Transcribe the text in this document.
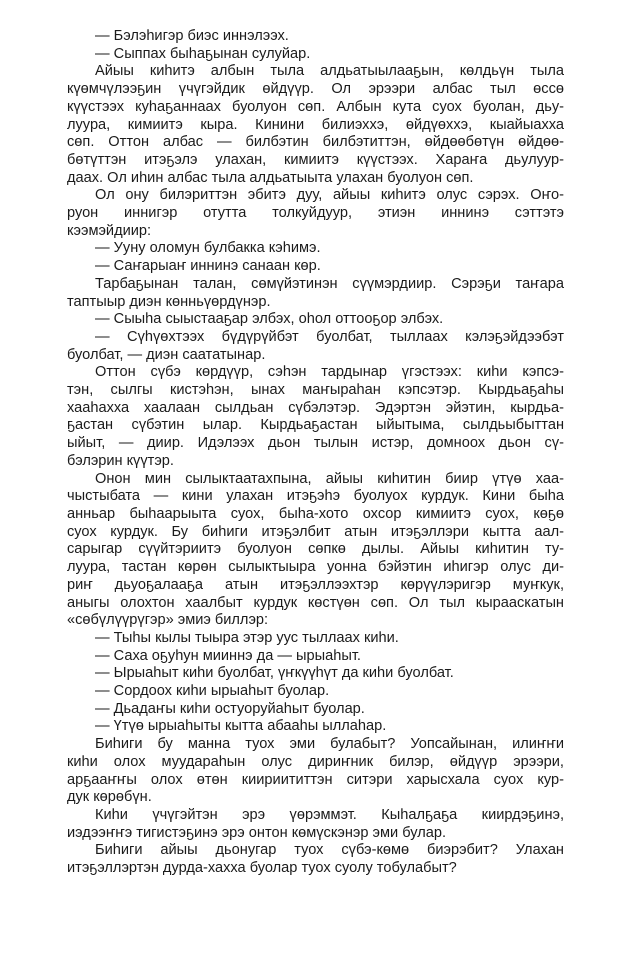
— Бэлэһигэр биэс иннэлээх.
— Сыппах быһаҕынан сулуйар.
Айыы киһитэ албын тыла алдьатыылааҕын, көлдьүн тыла
күөмчүлээҕин үчүгэйдик өйдүүр. Ол эрээри албас тыл өссө
күүстээх куһаҕаннаах буолуон сөп. Албын кута суох буолан, дьу-
луура, кимиитэ кыра. Кинини билиэххэ, өйдүөххэ, кыайыахха
сөп. Оттон албас — билбэтин билбэтиттэн, өйдөөбөтүн өйдөө-
бөтүттэн итэҕэлэ улахан, кимиитэ күүстээх. Хараҥа дьулуур-
даах. Ол иһин албас тыла алдьатыыта улахан буолуон сөп.
Ол ону билэриттэн эбитэ дуу, айыы киһитэ олус сэрэх. Оҥо-
руон иннигэр отутта толкуйдуур, этиэн иннинэ сэттэтэ
кээмэйдиир:
— Ууну оломун булбакка кэһимэ.
— Саҥарыаҥ иннинэ санаан көр.
Тарбаҕынан талан, сөмүйэтинэн сүүмэрдиир. Сэрэҕи таҥара
таптыыр диэн көнньүөрдүнэр.
— Сыыһа сыыстааҕар элбэх, оһол оттооҕор элбэх.
— Сүһүөхтээх бүдүрүйбэт буолбат, тыллаах кэлэҕэйдээбэт
буолбат, — диэн саататынар.
Оттон сүбэ көрдүүр, сэһэн тардынар үгэстээх: киһи кэпсэ-
тэн, сылгы кистэһэн, ынах маҥыраһан кэпсэтэр. Кырдьаҕаһы
хааһахха хаалаан сылдьан сүбэлэтэр. Эдэртэн эйэтин, кырдьа-
ҕастан сүбэтин ылар. Кырдьаҕастан ыйытыма, сылдьыбыттан
ыйыт, — диир. Идэлээх дьон тылын истэр, домноох дьон сү-
бэлэрин күүтэр.
Онон мин сылыктаатахпына, айыы киһитин биир үтүө хаа-
чыстыбата — кини улахан итэҕэһэ буолуох курдук. Кини быһа
анньар быһаарыыта суох, быһа-хото охсор кимиитэ суох, көҕө
суох курдук. Бу биһиги итэҕэлбит атын итэҕэллэри кытта аал-
сарыгар сүүйтэриитэ буолуон сөпкө дылы. Айыы киһитин ту-
луура, тастан көрөн сылыктыыра уонна бэйэтин иһигэр олус ди-
риҥ дьуоҕалааҕа атын итэҕэллээхтэр көрүүлэригэр муҥкук,
аныгы олохтон хаалбыт курдук көстүөн сөп. Ол тыл кырааскатын
«сөбүлүүрүгэр» эмиэ биллэр:
— Тыһы кылы тыыра этэр уус тыллаах киһи.
— Саха оҕуһун мииннэ да — ырыаһыт.
— Ырыаһыт киһи буолбат, үҥкүүһүт да киһи буолбат.
— Сордоох киһи ырыаһыт буолар.
— Дьадаҥы киһи остуоруйаһыт буолар.
— Үтүө ырыаһыты кытта абааһы ыллаһар.
Биһиги бу манна туох эми булабыт? Уопсайынан, илиҥҥи
киһи олох муудараһын олус дириҥник билэр, өйдүүр эрээри,
арҕааҥҥы олох өтөн киириититтэн ситэри харысхала суох кур-
дук көрөбүн.
Киһи үчүгэйтэн эрэ үөрэммэт. Кыһалҕаҕа киирдэҕинэ,
иэдээҥҥэ тигистэҕинэ эрэ онтон көмүскэнэр эми булар.
Биһиги айыы дьонугар туох сүбэ-көмө биэрэбит? Улахан
итэҕэллэртэн дурда-хахха буолар туох суолу тобулабыт?
